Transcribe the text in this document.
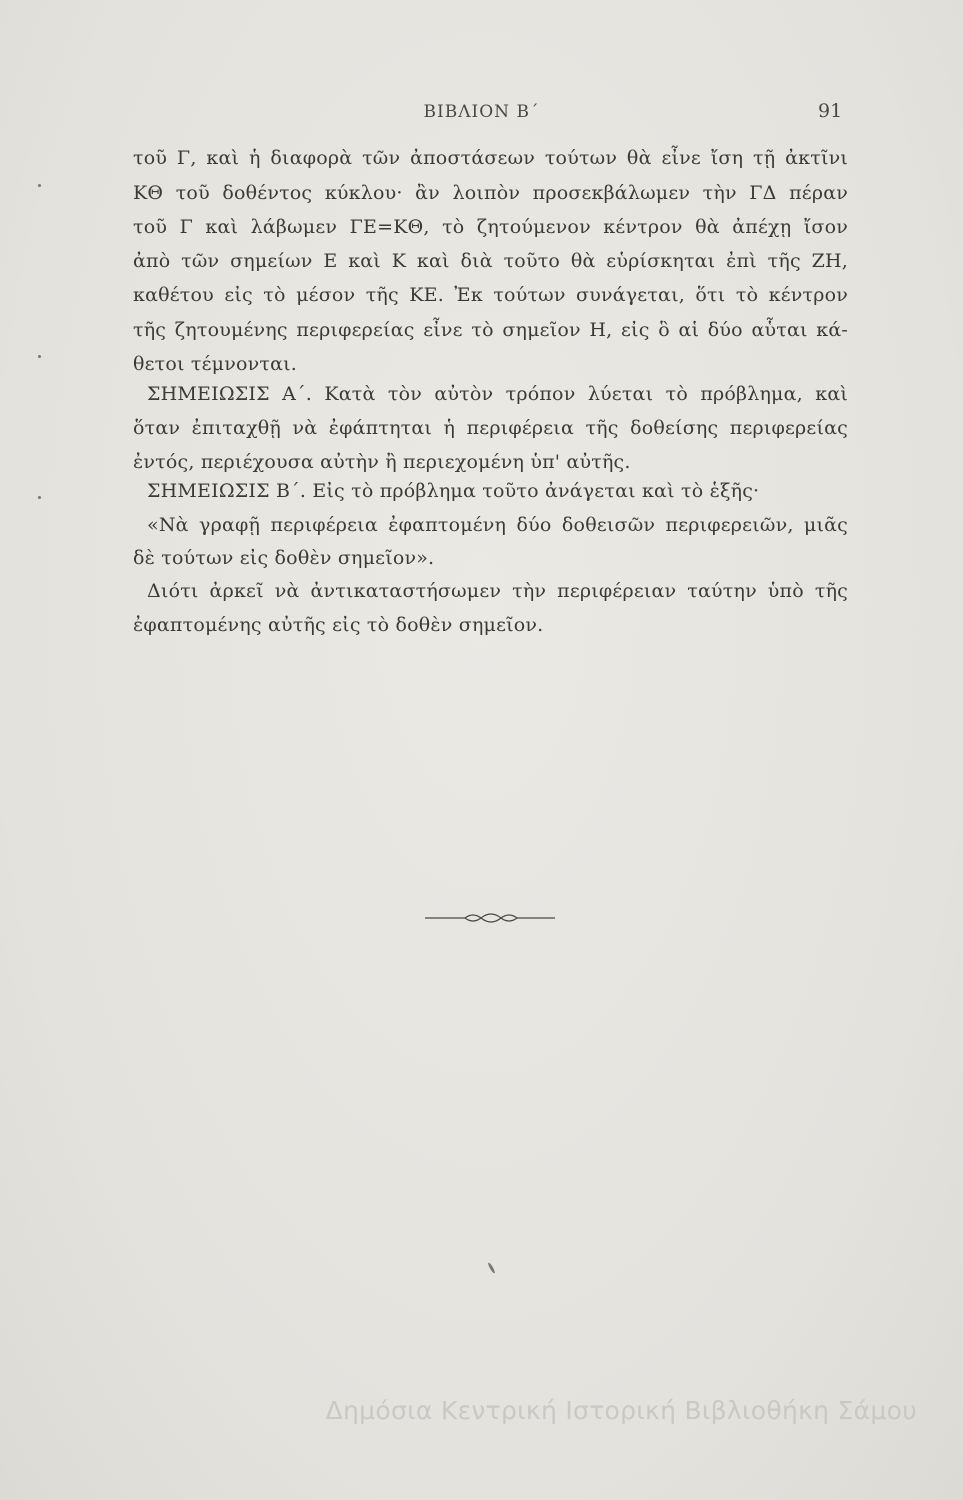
ΒΙΒΛΙΟΝ Β΄	91
τοῦ Γ, καὶ ἡ διαφορὰ τῶν ἀποστάσεων τούτων θὰ εἶνε ἴση τῇ ἀκτῖνι
ΚΘ τοῦ δοθέντος κύκλου· ἂν λοιπὸν προσεκβάλωμεν τὴν ΓΔ πέραν
τοῦ Γ καὶ λάβωμεν ΓΕ=ΚΘ, τὸ ζητούμενον κέντρον θὰ ἀπέχῃ ἴσον
ἀπὸ τῶν σημείων Ε καὶ Κ καὶ διὰ τοῦτο θὰ εὑρίσκηται ἐπὶ τῆς ΖΗ,
καθέτου εἰς τὸ μέσον τῆς ΚΕ. Ἐκ τούτων συνάγεται, ὅτι τὸ κέντρον
τῆς ζητουμένης περιφερείας εἶνε τὸ σημεῖον Η, εἰς ὃ αἱ δύο αὗται κά-
θετοι τέμνονται.
ΣΗΜΕΙΩΣΙΣ Α΄. Κατὰ τὸν αὐτὸν τρόπον λύεται τὸ πρόβλημα, καὶ
ὅταν ἐπιταχθῇ νὰ ἐφάπτηται ἡ περιφέρεια τῆς δοθείσης περιφερείας
ἐντός, περιέχουσα αὐτὴν ἢ περιεχομένη ὑπ' αὐτῆς.
ΣΗΜΕΙΩΣΙΣ Β΄. Εἰς τὸ πρόβλημα τοῦτο ἀνάγεται καὶ τὸ ἑξῆς·
«Νὰ γραφῇ περιφέρεια ἐφαπτομένη δύο δοθεισῶν περιφερειῶν, μιᾶς
δὲ τούτων εἰς δοθὲν σημεῖον».
Διότι ἀρκεῖ νὰ ἀντικαταστήσωμεν τὴν περιφέρειαν ταύτην ὑπὸ τῆς
ἐφαπτομένης αὐτῆς εἰς τὸ δοθὲν σημεῖον.
Δημόσια Κεντρική Ιστορική Βιβλιοθήκη Σάμου
